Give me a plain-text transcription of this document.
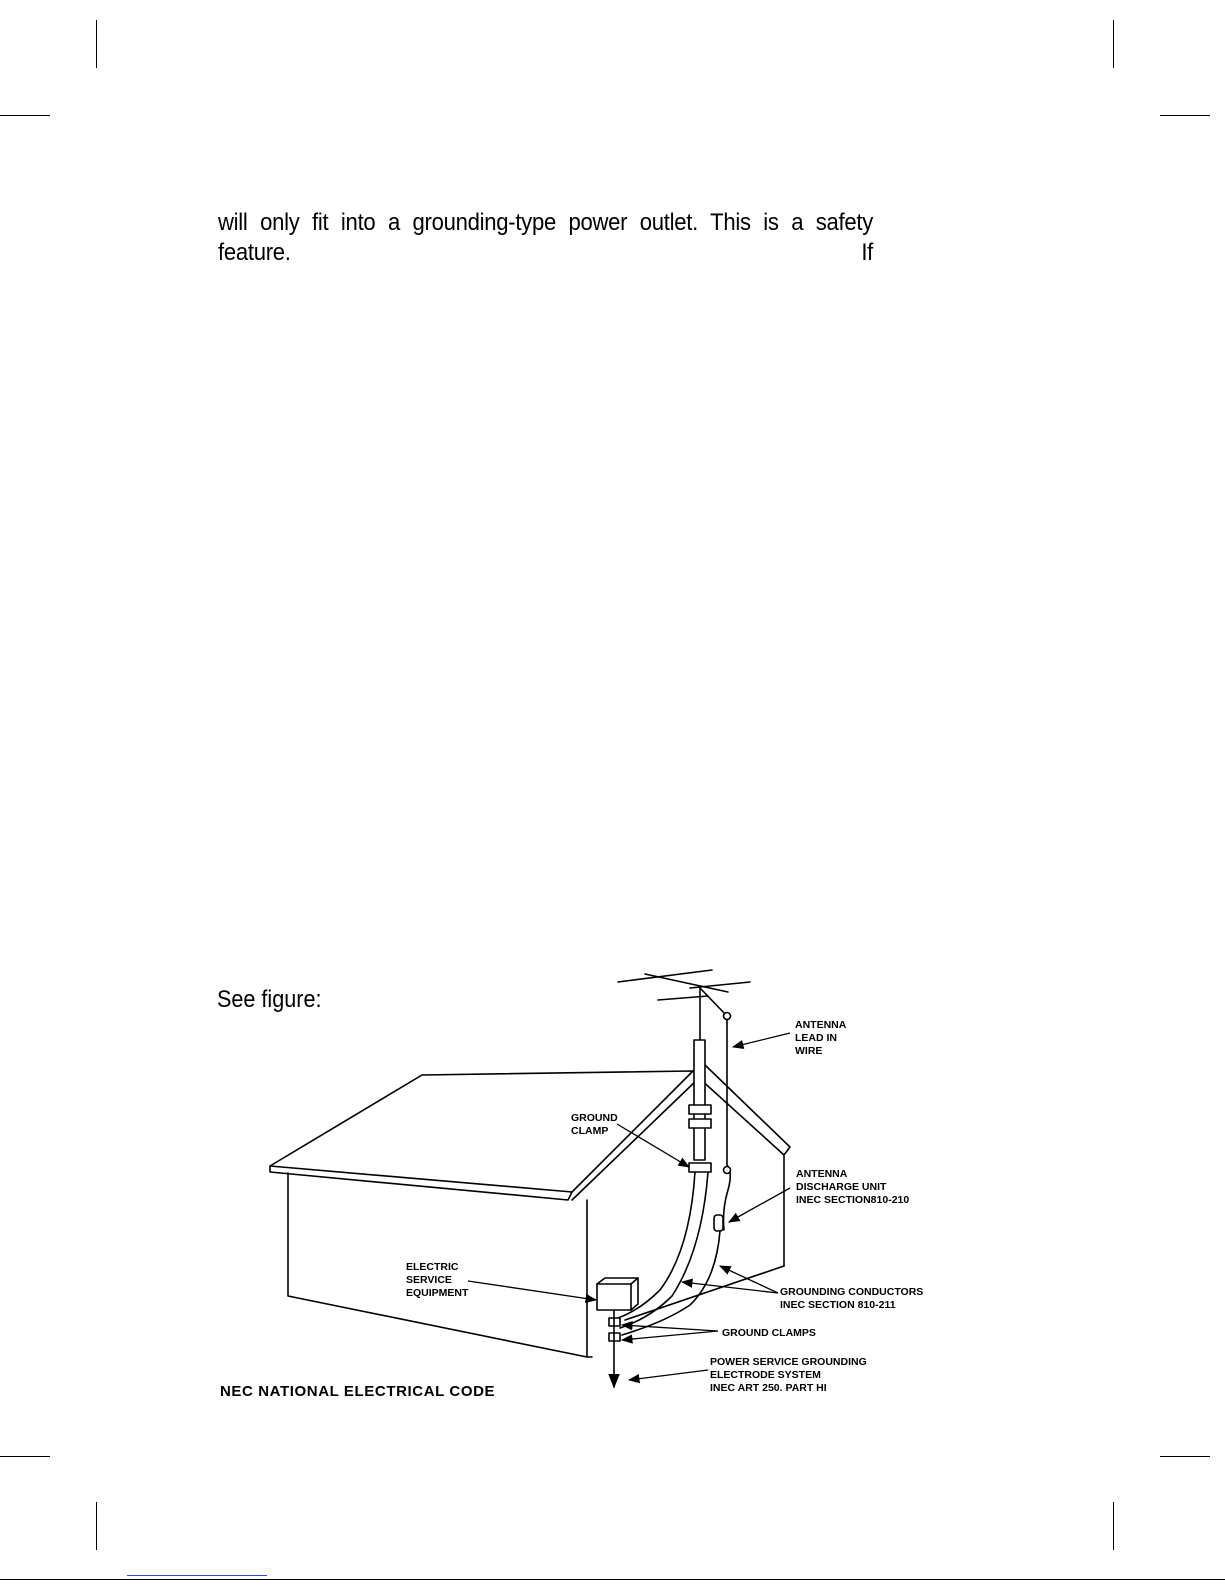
will only fit into a grounding-type power outlet. This is a safety feature. If
See figure:
NEC NATIONAL ELECTRICAL CODE
ANTENNA LEAD IN WIRE
GROUND CLAMP
ANTENNA DISCHARGE UNIT INEC SECTION810-210
ELECTRIC SERVICE EQUIPMENT	GROUNDING CONDUCTORS INEC SECTION 810-211
GROUND CLAMPS
POWER SERVICE GROUNDING ELECTRODE SYSTEM INEC ART 250. PART HI
